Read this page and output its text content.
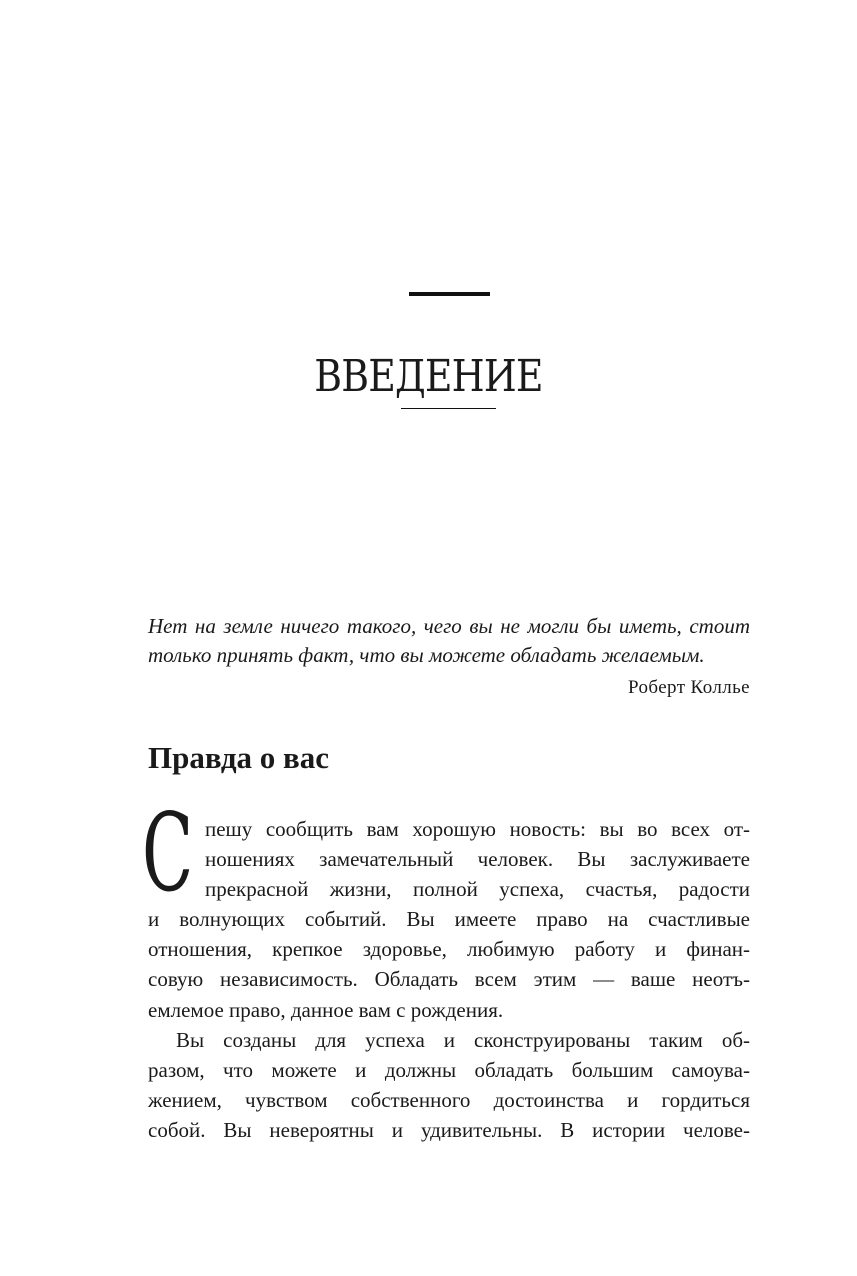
ВВЕДЕНИЕ
Нет на земле ничего такого, чего вы не могли бы иметь, стоит
только принять факт, что вы можете обладать желаемым.
Роберт Коллье
Правда о вас
С пешу сообщить вам хорошую новость: вы во всех от-
ношениях замечательный человек. Вы заслуживаете
прекрасной жизни, полной успеха, счастья, радости
и волнующих событий. Вы имеете право на счастливые
отношения, крепкое здоровье, любимую работу и финан-
совую независимость. Обладать всем этим — ваше неотъ-
емлемое право, данное вам с рождения.
Вы созданы для успеха и сконструированы таким об-
разом, что можете и должны обладать большим самоува-
жением, чувством собственного достоинства и гордиться
собой. Вы невероятны и удивительны. В истории челове-
